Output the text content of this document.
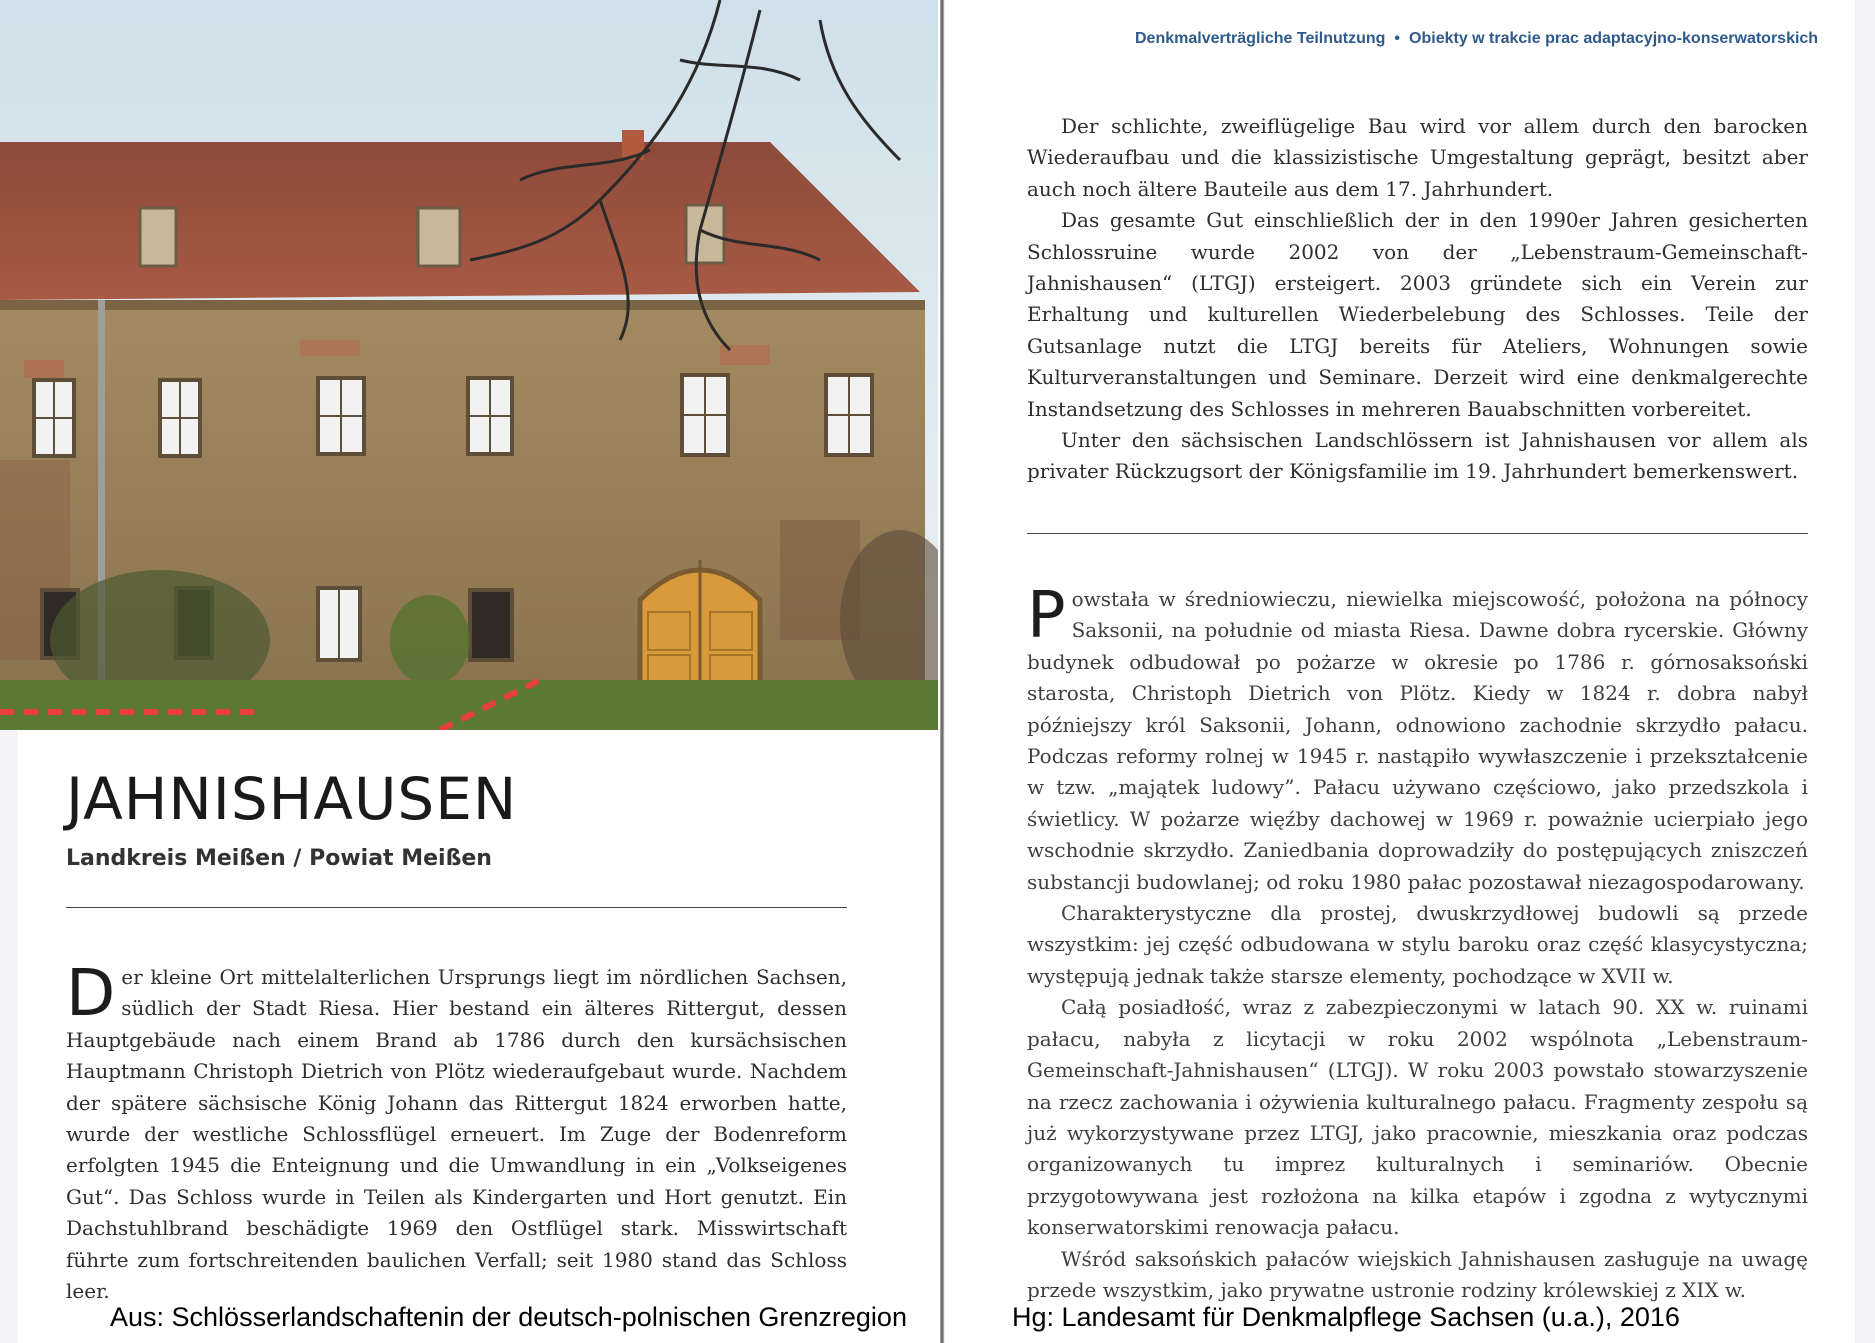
Denkmalverträgliche Teilnutzung • Obiekty w trakcie prac adaptacyjno-konserwatorskich
JAHNISHAUSEN
Landkreis Meißen / Powiat Meißen

Der kleine Ort mittelalterlichen Ursprungs liegt im nördlichen Sachsen, südlich der Stadt Riesa. Hier bestand ein älteres Rittergut, dessen Hauptgebäude nach einem Brand ab 1786 durch den kursächsischen Hauptmann Christoph Dietrich von Plötz wiederaufgebaut wurde. Nachdem der spätere sächsische König Johann das Rittergut 1824 erworben hatte, wurde der westliche Schlossflügel erneuert. Im Zuge der Bodenreform erfolgten 1945 die Enteignung und die Umwandlung in ein „Volkseigenes Gut“. Das Schloss wurde in Teilen als Kindergarten und Hort genutzt. Ein Dachstuhlbrand beschädigte 1969 den Ostflügel stark. Misswirtschaft führte zum fortschreitenden baulichen Verfall; seit 1980 stand das Schloss leer.

Der schlichte, zweiflügelige Bau wird vor allem durch den barocken Wiederaufbau und die klassizistische Umgestaltung geprägt, besitzt aber auch noch ältere Bauteile aus dem 17. Jahrhundert.

Das gesamte Gut einschließlich der in den 1990er Jahren gesicherten Schlossruine wurde 2002 von der „Lebenstraum-Gemeinschaft-Jahnishausen“ (LTGJ) ersteigert. 2003 gründete sich ein Verein zur Erhaltung und kulturellen Wiederbelebung des Schlosses. Teile der Gutsanlage nutzt die LTGJ bereits für Ateliers, Wohnungen sowie Kulturveranstaltungen und Seminare. Derzeit wird eine denkmalgerechte Instandsetzung des Schlosses in mehreren Bauabschnitten vorbereitet.

Unter den sächsischen Landschlössern ist Jahnishausen vor allem als privater Rückzugsort der Königsfamilie im 19. Jahrhundert bemerkenswert.

Powstała w średniowieczu, niewielka miejscowość, położona na północy Saksonii, na południe od miasta Riesa. Dawne dobra rycerskie. Główny budynek odbudował po pożarze w okresie po 1786 r. górnosaksoński starosta, Christoph Dietrich von Plötz. Kiedy w 1824 r. dobra nabył późniejszy król Saksonii, Johann, odnowiono zachodnie skrzydło pałacu. Podczas reformy rolnej w 1945 r. nastąpiło wywłaszczenie i przekształcenie w tzw. „majątek ludowy”. Pałacu używano częściowo, jako przedszkola i świetlicy. W pożarze więźby dachowej w 1969 r. poważnie ucierpiało jego wschodnie skrzydło. Zaniedbania doprowadziły do postępujących zniszczeń substancji budowlanej; od roku 1980 pałac pozostawał niezagospodarowany.

Charakterystyczne dla prostej, dwuskrzydłowej budowli są przede wszystkim: jej część odbudowana w stylu baroku oraz część klasycystyczna; występują jednak także starsze elementy, pochodzące w XVII w.

Całą posiadłość, wraz z zabezpieczonymi w latach 90. XX w. ruinami pałacu, nabyła z licytacji w roku 2002 wspólnota „Lebenstraum-Gemeinschaft-Jahnishausen“ (LTGJ). W roku 2003 powstało stowarzyszenie na rzecz zachowania i ożywienia kulturalnego pałacu. Fragmenty zespołu są już wykorzystywane przez LTGJ, jako pracownie, mieszkania oraz podczas organizowanych tu imprez kulturalnych i seminariów. Obecnie przygotowywana jest rozłożona na kilka etapów i zgodna z wytycznymi konserwatorskimi renowacja pałacu.

Wśród saksońskich pałaców wiejskich Jahnishausen zasługuje na uwagę przede wszystkim, jako prywatne ustronie rodziny królewskiej z XIX w.

Aus: Schlösserlandschaftenin der deutsch-polnischen Grenzregion	Hg: Landesamt für Denkmalpflege Sachsen (u.a.), 2016
